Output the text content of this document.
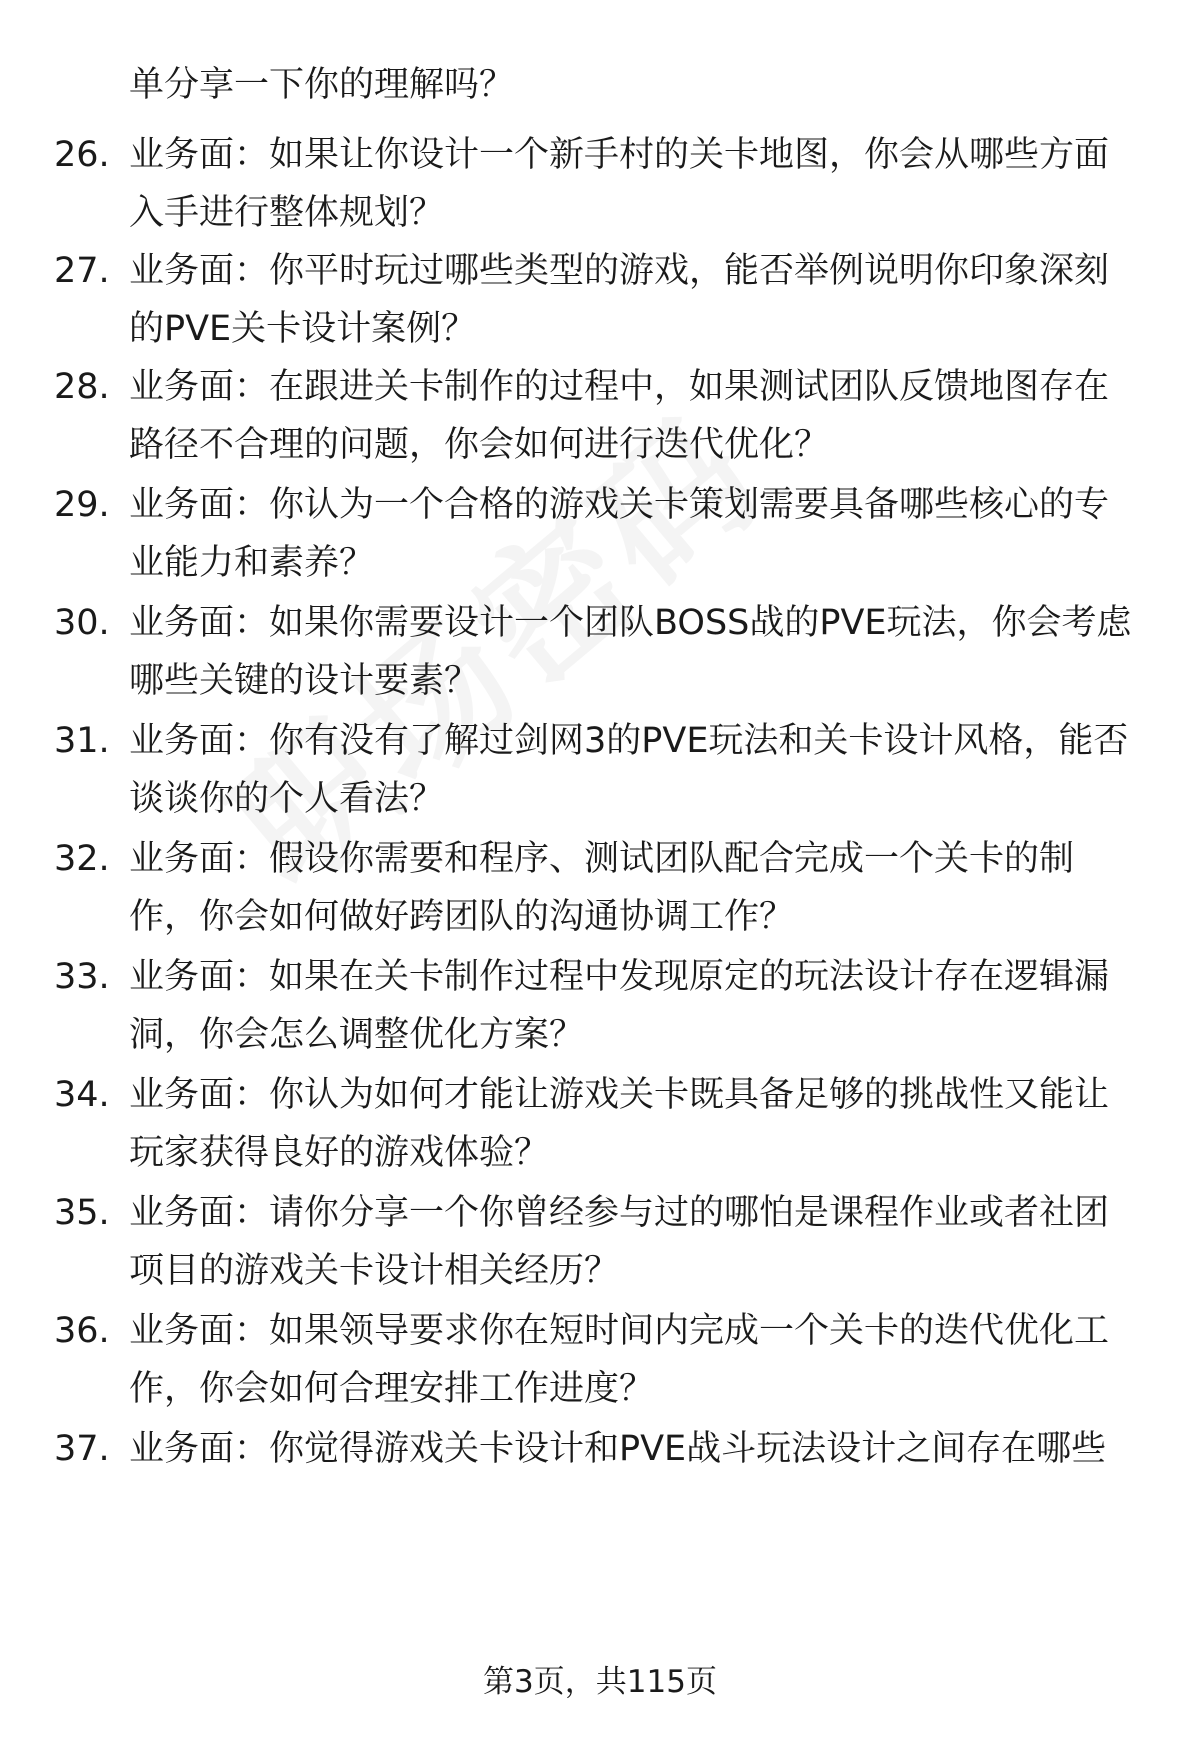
单分享一下你的理解吗？
26. 业务面：如果让你设计一个新手村的关卡地图，你会从哪些方面
入手进行整体规划？
27. 业务面：你平时玩过哪些类型的游戏，能否举例说明你印象深刻
的PVE关卡设计案例？
28. 业务面：在跟进关卡制作的过程中，如果测试团队反馈地图存在
路径不合理的问题，你会如何进行迭代优化？
29. 业务面：你认为一个合格的游戏关卡策划需要具备哪些核心的专
业能力和素养？
30. 业务面：如果你需要设计一个团队BOSS战的PVE玩法，你会考虑
哪些关键的设计要素？
31. 业务面：你有没有了解过剑网3的PVE玩法和关卡设计风格，能否
谈谈你的个人看法？
32. 业务面：假设你需要和程序、测试团队配合完成一个关卡的制
作，你会如何做好跨团队的沟通协调工作？
33. 业务面：如果在关卡制作过程中发现原定的玩法设计存在逻辑漏
洞，你会怎么调整优化方案？
34. 业务面：你认为如何才能让游戏关卡既具备足够的挑战性又能让
玩家获得良好的游戏体验？
35. 业务面：请你分享一个你曾经参与过的哪怕是课程作业或者社团
项目的游戏关卡设计相关经历？
36. 业务面：如果领导要求你在短时间内完成一个关卡的迭代优化工
作，你会如何合理安排工作进度？
37. 业务面：你觉得游戏关卡设计和PVE战斗玩法设计之间存在哪些
第3页，共115页
